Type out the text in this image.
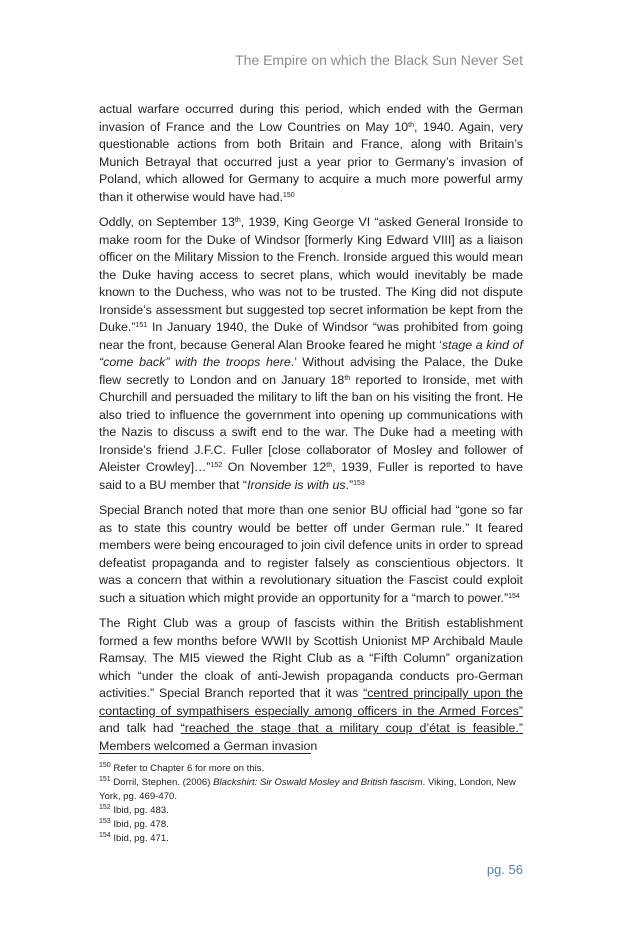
The Empire on which the Black Sun Never Set

actual warfare occurred during this period, which ended with the German invasion of France and the Low Countries on May 10th, 1940. Again, very questionable actions from both Britain and France, along with Britain’s Munich Betrayal that occurred just a year prior to Germany’s invasion of Poland, which allowed for Germany to acquire a much more powerful army than it otherwise would have had.$^{150}$

Oddly, on September 13th, 1939, King George VI “asked General Ironside to make room for the Duke of Windsor [formerly King Edward VIII] as a liaison officer on the Military Mission to the French. Ironside argued this would mean the Duke having access to secret plans, which would inevitably be made known to the Duchess, who was not to be trusted. The King did not dispute Ironside’s assessment but suggested top secret information be kept from the Duke.”$^{151}$ In January 1940, the Duke of Windsor “was prohibited from going near the front, because General Alan Brooke feared he might ‘stage a kind of “come back” with the troops here.’ Without advising the Palace, the Duke flew secretly to London and on January 18th reported to Ironside, met with Churchill and persuaded the military to lift the ban on his visiting the front. He also tried to influence the government into opening up communications with the Nazis to discuss a swift end to the war. The Duke had a meeting with Ironside’s friend J.F.C. Fuller [close collaborator of Mosley and follower of Aleister Crowley]…”$^{152}$ On November 12th, 1939, Fuller is reported to have said to a BU member that “Ironside is with us.”$^{153}$

Special Branch noted that more than one senior BU official had “gone so far as to state this country would be better off under German rule.” It feared members were being encouraged to join civil defence units in order to spread defeatist propaganda and to register falsely as conscientious objectors. It was a concern that within a revolutionary situation the Fascist could exploit such a situation which might provide an opportunity for a “march to power.”$^{154}$

The Right Club was a group of fascists within the British establishment formed a few months before WWII by Scottish Unionist MP Archibald Maule Ramsay. The MI5 viewed the Right Club as a “Fifth Column” organization which “under the cloak of anti-Jewish propaganda conducts pro-German activities.” Special Branch reported that it was “centred principally upon the contacting of sympathisers especially among officers in the Armed Forces” and talk had “reached the stage that a military coup d’état is feasible.” Members welcomed a German invasion

$^{150}$ Refer to Chapter 6 for more on this.
$^{151}$ Dorril, Stephen. (2006) Blackshirt: Sir Oswald Mosley and British fascism. Viking, London, New York, pg. 469-470.
$^{152}$ Ibid, pg. 483.
$^{153}$ Ibid, pg. 478.
$^{154}$ Ibid, pg. 471.
pg. 56
